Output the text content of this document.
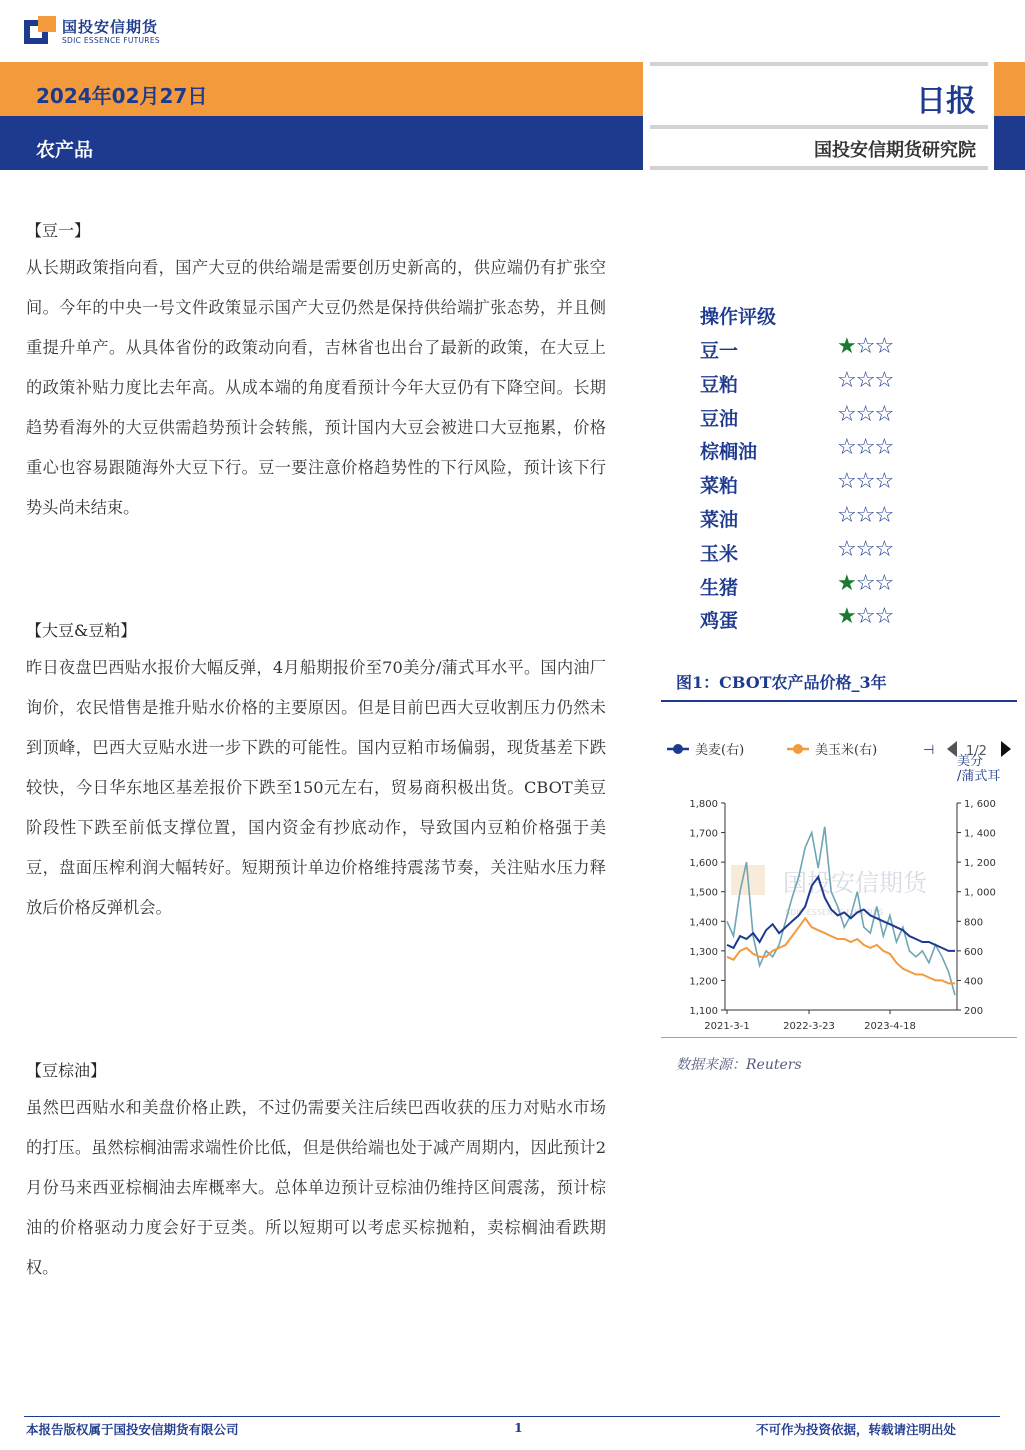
国投安信期货
SDIC ESSENCE FUTURES
2024年02月27日
农产品
日报
国投安信期货研究院
【豆一】
从长期政策指向看，国产大豆的供给端是需要创历史新高的，供应端仍有扩张空间。今年的中央一号文件政策显示国产大豆仍然是保持供给端扩张态势，并且侧重提升单产。从具体省份的政策动向看，吉林省也出台了最新的政策，在大豆上的政策补贴力度比去年高。从成本端的角度看预计今年大豆仍有下降空间。长期趋势看海外的大豆供需趋势预计会转熊，预计国内大豆会被进口大豆拖累，价格重心也容易跟随海外大豆下行。豆一要注意价格趋势性的下行风险，预计该下行势头尚未结束。
【大豆&豆粕】
昨日夜盘巴西贴水报价大幅反弹，4月船期报价至70美分/蒲式耳水平。国内油厂询价，农民惜售是推升贴水价格的主要原因。但是目前巴西大豆收割压力仍然未到顶峰，巴西大豆贴水进一步下跌的可能性。国内豆粕市场偏弱，现货基差下跌较快，今日华东地区基差报价下跌至150元左右，贸易商积极出货。CBOT美豆阶段性下跌至前低支撑位置，国内资金有抄底动作，导致国内豆粕价格强于美豆，盘面压榨利润大幅转好。短期预计单边价格维持震荡节奏，关注贴水压力释放后价格反弹机会。
【豆棕油】
虽然巴西贴水和美盘价格止跌，不过仍需要关注后续巴西收获的压力对贴水市场的打压。虽然棕榈油需求端性价比低，但是供给端也处于减产周期内，因此预计2月份马来西亚棕榈油去库概率大。总体单边预计豆棕油仍维持区间震荡，预计棕油的价格驱动力度会好于豆类。所以短期可以考虑买棕抛粕，卖棕榈油看跌期权。
操作评级
豆一	★☆☆
豆粕	☆☆☆
豆油	☆☆☆
棕榈油	☆☆☆
菜粕	☆☆☆
菜油	☆☆☆
玉米	☆☆☆
生猪	★☆☆
鸡蛋	★☆☆
图1：CBOT农产品价格_3年
美麦(右)	美玉米(右)	⊣ 1/2
美分 /蒲式耳
国投安信期货
SDIC ESSENCE FUTURES
1,800
1,700
1,600
1,500
1,400
1,300
1,200
1,100
1, 600
1, 400
1, 200
1, 000
800
600
400
200
2021-3-1	2022-3-23	2023-4-18
数据来源：Reuters
本报告版权属于国投安信期货有限公司	1	不可作为投资依据，转载请注明出处
